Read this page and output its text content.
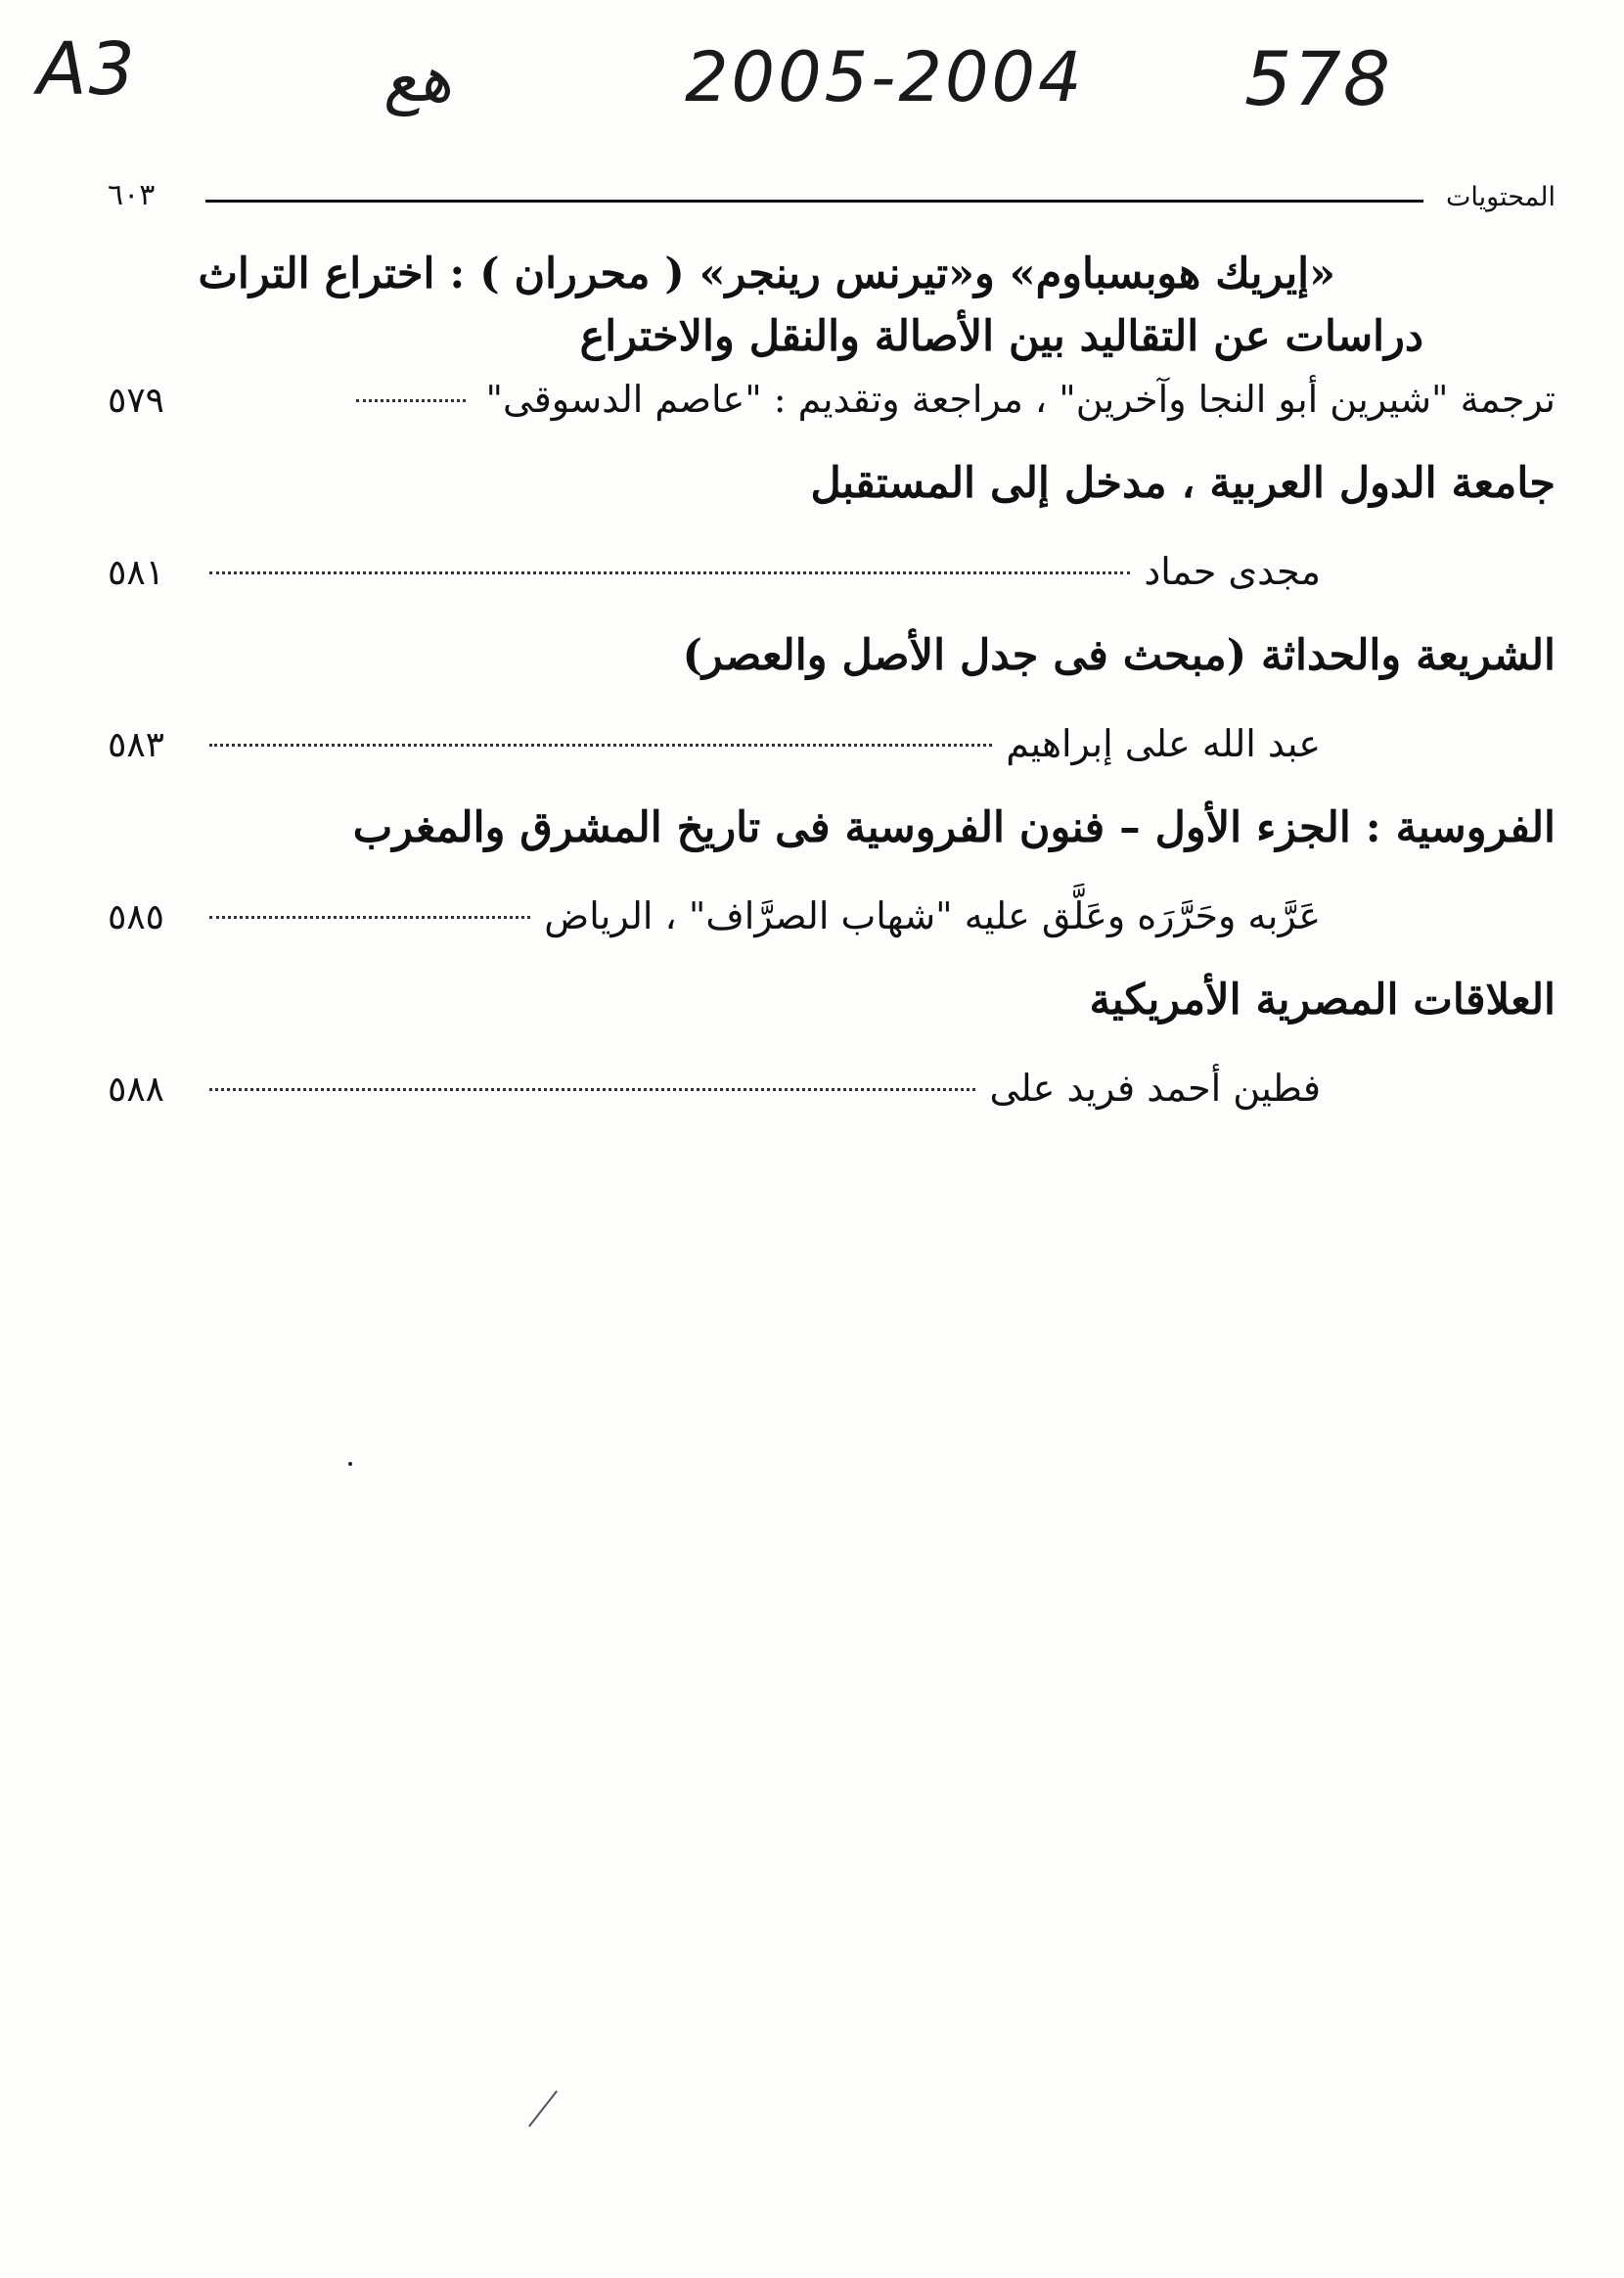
A3	ﻫﻊ	2005-2004 578
المحتويات
٦٠٣
«إيريك هوبسباوم» و«تيرنس رينجر» ( محرران ) : اختراع التراث
دراسات عن التقاليد بين الأصالة والنقل والاختراع
ترجمة "شيرين أبو النجا وآخرين" ، مراجعة وتقديم : "عاصم الدسوقى"
٥٧٩
جامعة الدول العربية ، مدخل إلى المستقبل
مجدى حماد
٥٨١
الشريعة والحداثة (مبحث فى جدل الأصل والعصر)
عبد الله على إبراهيم
٥٨٣
الفروسية : الجزء الأول – فنون الفروسية فى تاريخ المشرق والمغرب
عَرَّبه وحَرَّرَه وعَلَّق عليه "شهاب الصرَّاف" ، الرياض
٥٨٥
العلاقات المصرية الأمريكية
فطين أحمد فريد على
٥٨٨
